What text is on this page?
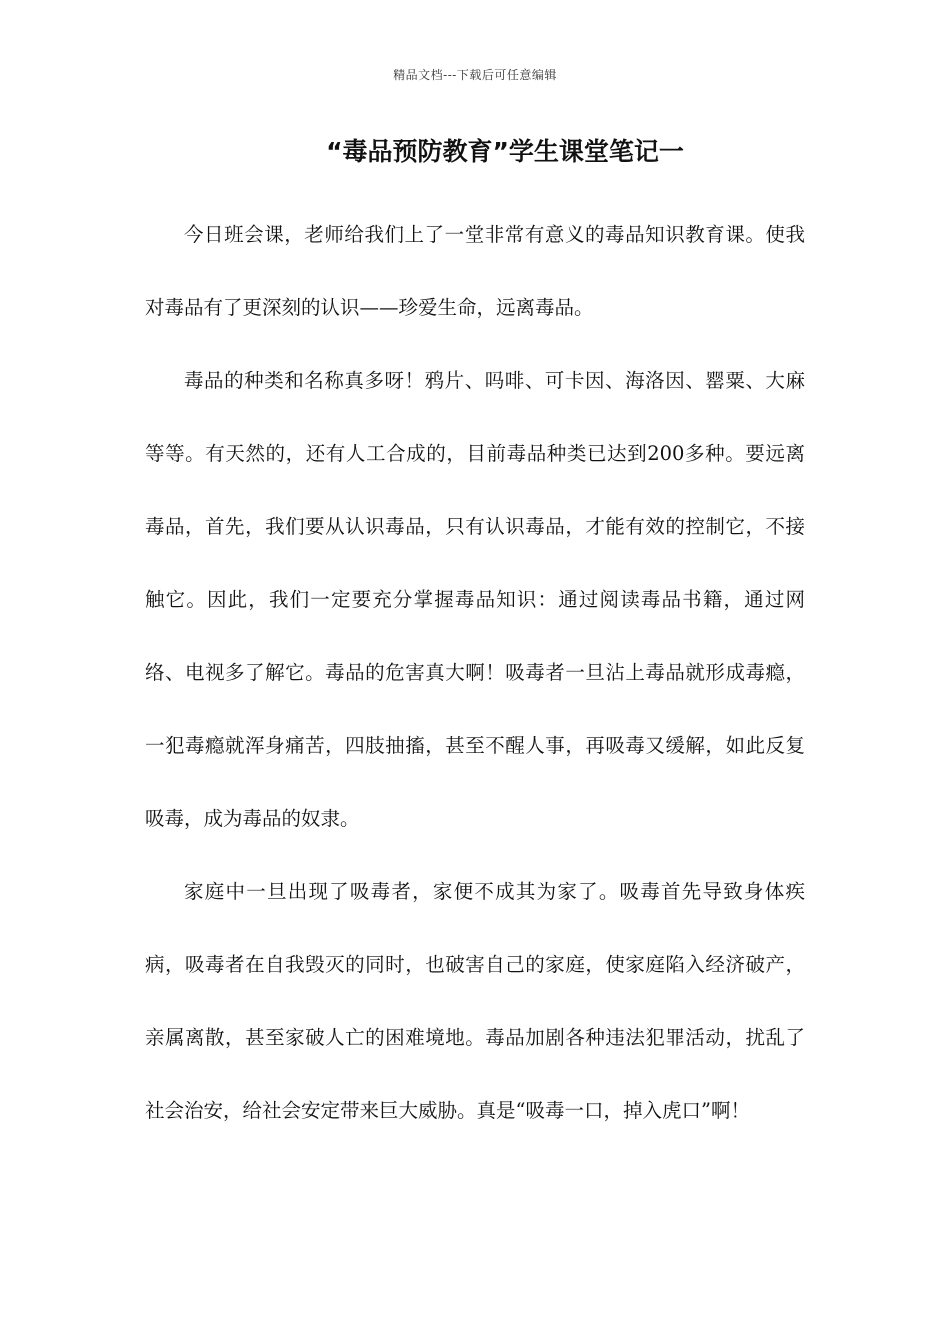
精品文档---下载后可任意编辑
“毒品预防教育”学生课堂笔记一

今日班会课，老师给我们上了一堂非常有意义的毒品知识教育课。使我对毒品有了更深刻的认识——珍爱生命，远离毒品。

毒品的种类和名称真多呀！鸦片、吗啡、可卡因、海洛因、罂粟、大麻等等。有天然的，还有人工合成的，目前毒品种类已达到200多种。要远离毒品，首先，我们要从认识毒品，只有认识毒品，才能有效的控制它，不接触它。因此，我们一定要充分掌握毒品知识：通过阅读毒品书籍，通过网络、电视多了解它。毒品的危害真大啊！吸毒者一旦沾上毒品就形成毒瘾，一犯毒瘾就浑身痛苦，四肢抽搐，甚至不醒人事，再吸毒又缓解，如此反复吸毒，成为毒品的奴隶。

家庭中一旦出现了吸毒者，家便不成其为家了。吸毒首先导致身体疾病，吸毒者在自我毁灭的同时，也破害自己的家庭，使家庭陷入经济破产，亲属离散，甚至家破人亡的困难境地。毒品加剧各种违法犯罪活动，扰乱了社会治安，给社会安定带来巨大威胁。真是“吸毒一口，掉入虎口”啊！
